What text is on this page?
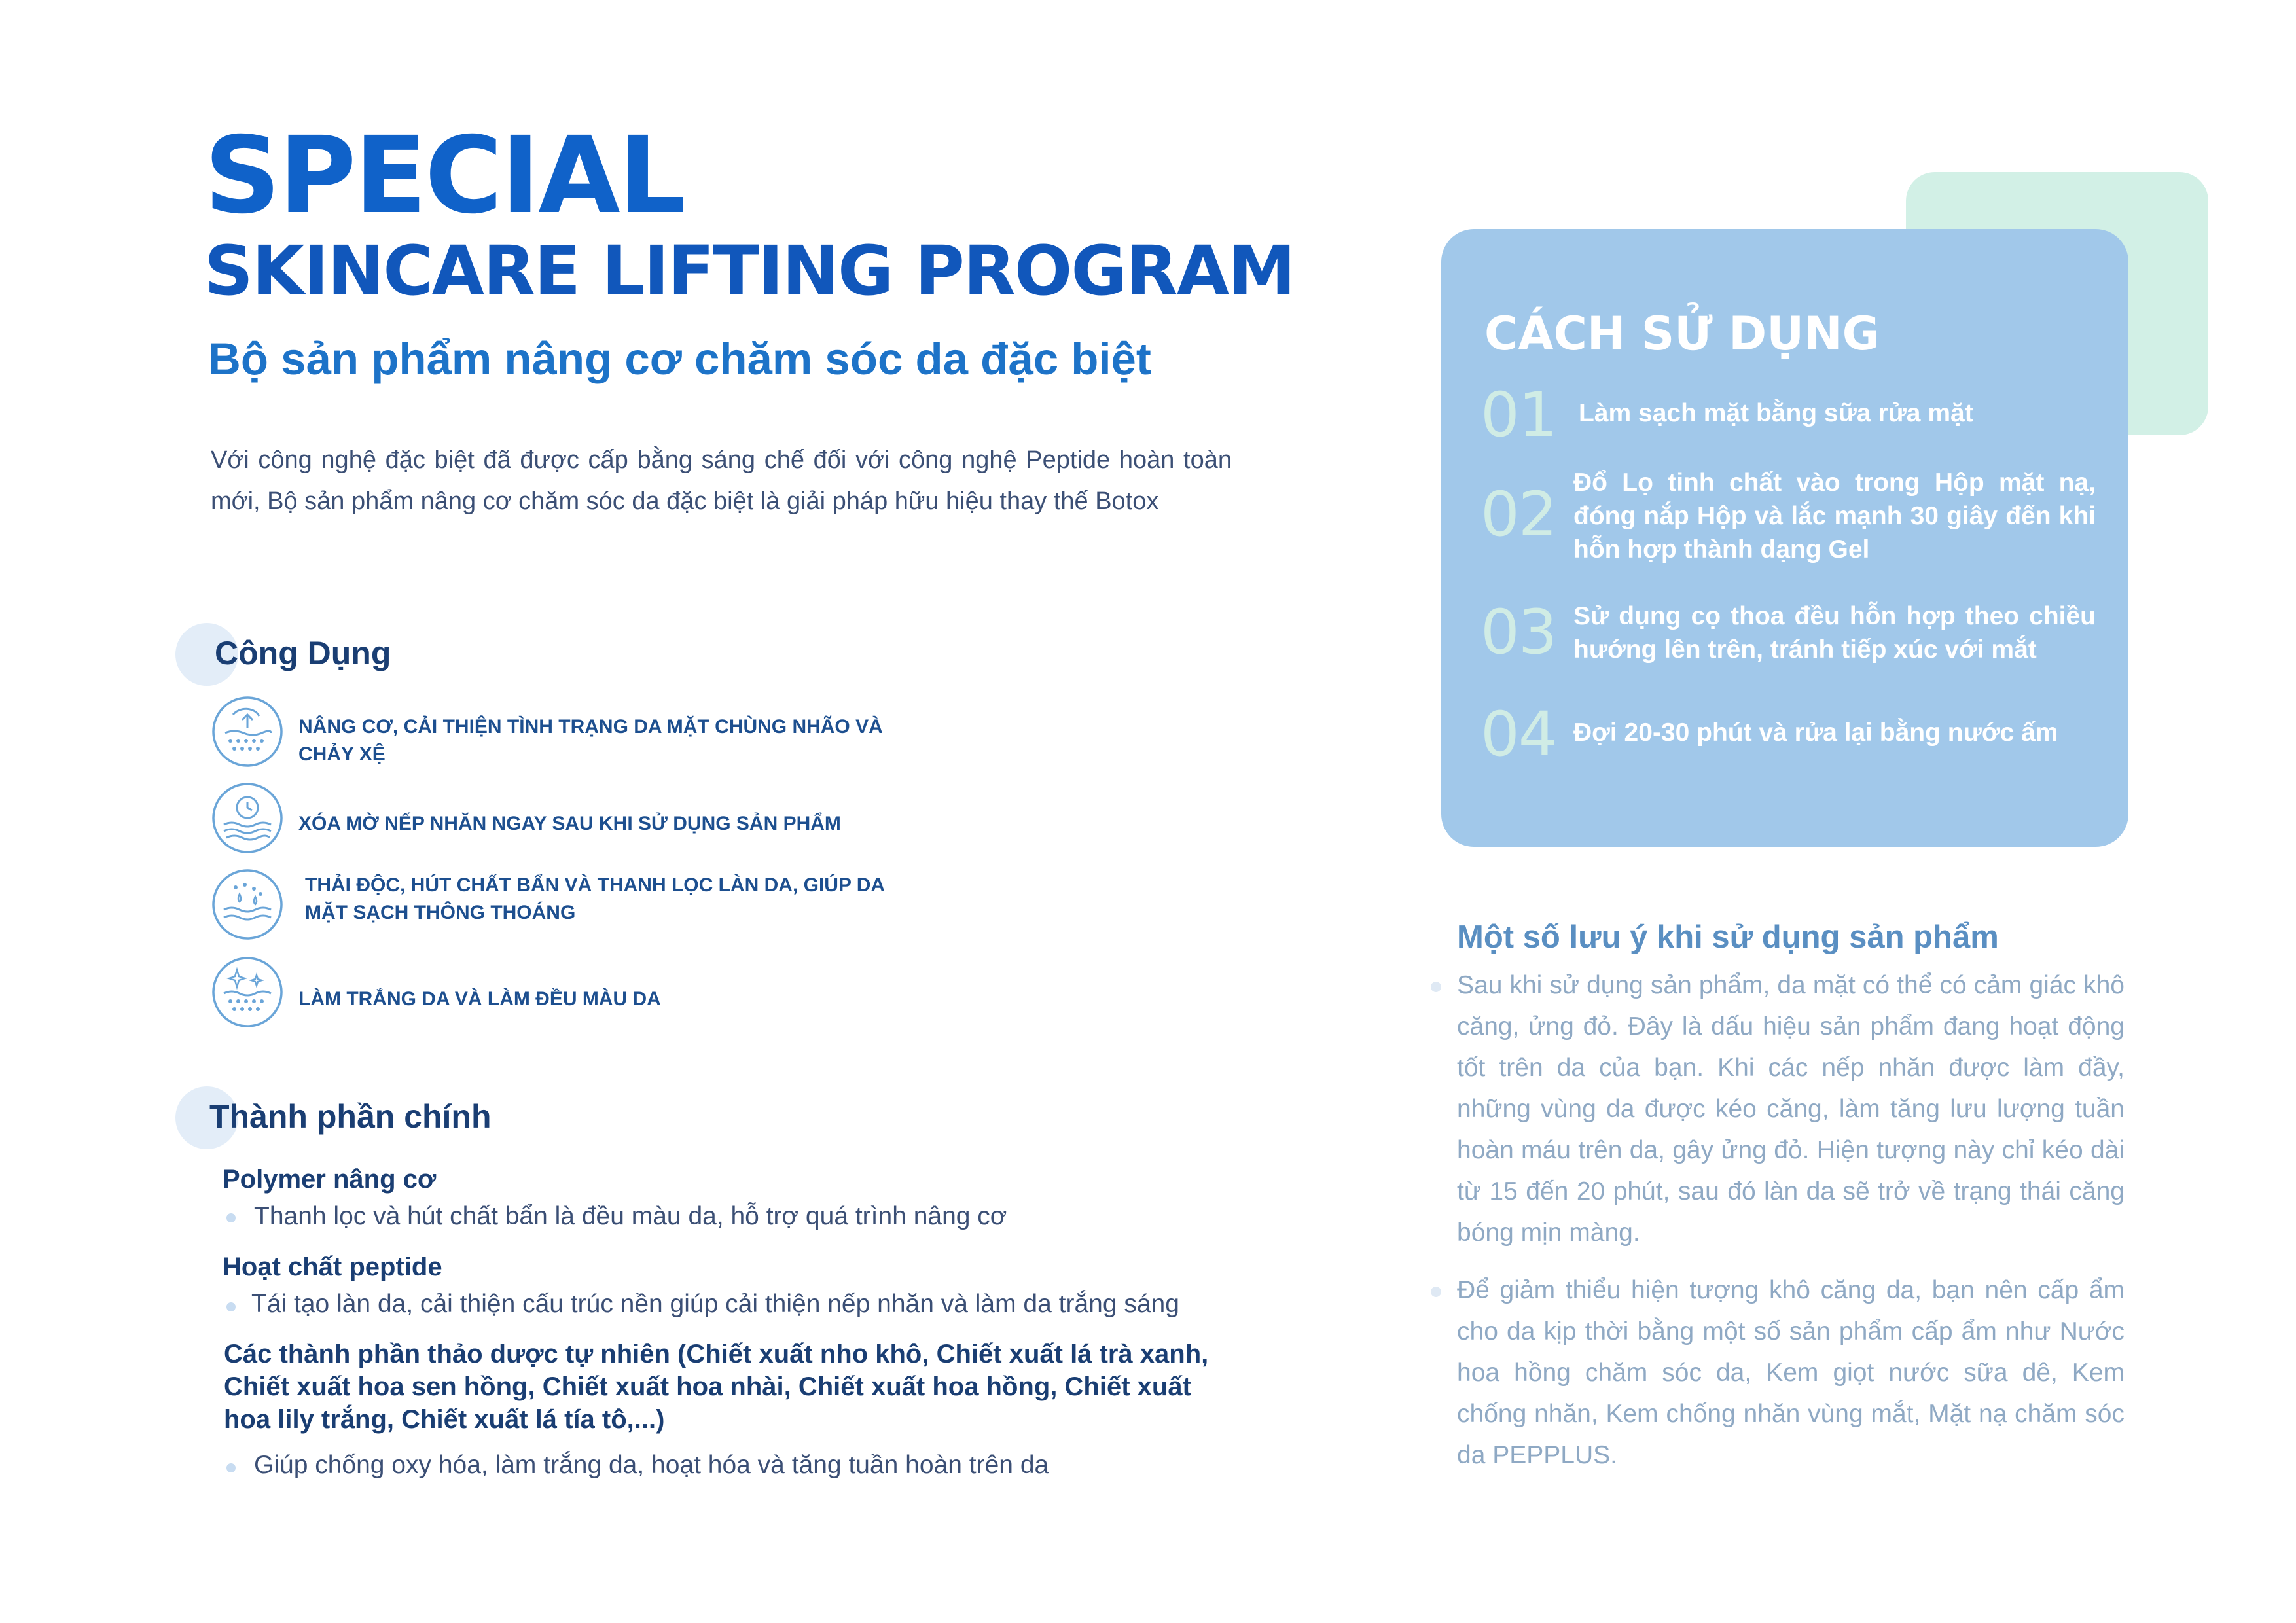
SPECIAL
SKINCARE LIFTING PROGRAM
Bộ sản phẩm nâng cơ chăm sóc da đặc biệt

Với công nghệ đặc biệt đã được cấp bằng sáng chế đối với công nghệ Peptide hoàn toàn mới, Bộ sản phẩm nâng cơ chăm sóc da đặc biệt là giải pháp hữu hiệu thay thế Botox

Công Dụng

NÂNG CƠ, CẢI THIỆN TÌNH TRẠNG DA MẶT CHÙNG NHÃO VÀ CHẢY XỆ

XÓA MỜ NẾP NHĂN NGAY SAU KHI SỬ DỤNG SẢN PHẨM

THẢI ĐỘC, HÚT CHẤT BẨN VÀ THANH LỌC LÀN DA, GIÚP DA MẶT SẠCH THÔNG THOÁNG

LÀM TRẮNG DA VÀ LÀM ĐỀU MÀU DA

Thành phần chính
Polymer nâng cơ

Thanh lọc và hút chất bẩn là đều màu da, hỗ trợ quá trình nâng cơ

Hoạt chất peptide

Tái tạo làn da, cải thiện cấu trúc nền giúp cải thiện nếp nhăn và làm da trắng sáng

Các thành phần thảo dược tự nhiên (Chiết xuất nho khô, Chiết xuất lá trà xanh, Chiết xuất hoa sen hồng, Chiết xuất hoa nhài, Chiết xuất hoa hồng, Chiết xuất hoa lily trắng, Chiết xuất lá tía tô,...)

Giúp chống oxy hóa, làm trắng da, hoạt hóa và tăng tuần hoàn trên da

CÁCH SỬ DỤNG

01 Làm sạch mặt bằng sữa rửa mặt

02 Đổ Lọ tinh chất vào trong Hộp mặt nạ, đóng nắp Hộp và lắc mạnh 30 giây đến khi hỗn hợp thành dạng Gel

03 Sử dụng cọ thoa đều hỗn hợp theo chiều hướng lên trên, tránh tiếp xúc với mắt

04 Đợi 20-30 phút và rửa lại bằng nước ấm

Một số lưu ý khi sử dụng sản phẩm

Sau khi sử dụng sản phẩm, da mặt có thể có cảm giác khô căng, ửng đỏ. Đây là dấu hiệu sản phẩm đang hoạt động tốt trên da của bạn. Khi các nếp nhăn được làm đầy, những vùng da được kéo căng, làm tăng lưu lượng tuần hoàn máu trên da, gây ửng đỏ. Hiện tượng này chỉ kéo dài từ 15 đến 20 phút, sau đó làn da sẽ trở về trạng thái căng bóng mịn màng.

Để giảm thiểu hiện tượng khô căng da, bạn nên cấp ẩm cho da kịp thời bằng một số sản phẩm cấp ẩm như Nước hoa hồng chăm sóc da, Kem giọt nước sữa dê, Kem chống nhăn, Kem chống nhăn vùng mắt, Mặt nạ chăm sóc da PEPPLUS.
